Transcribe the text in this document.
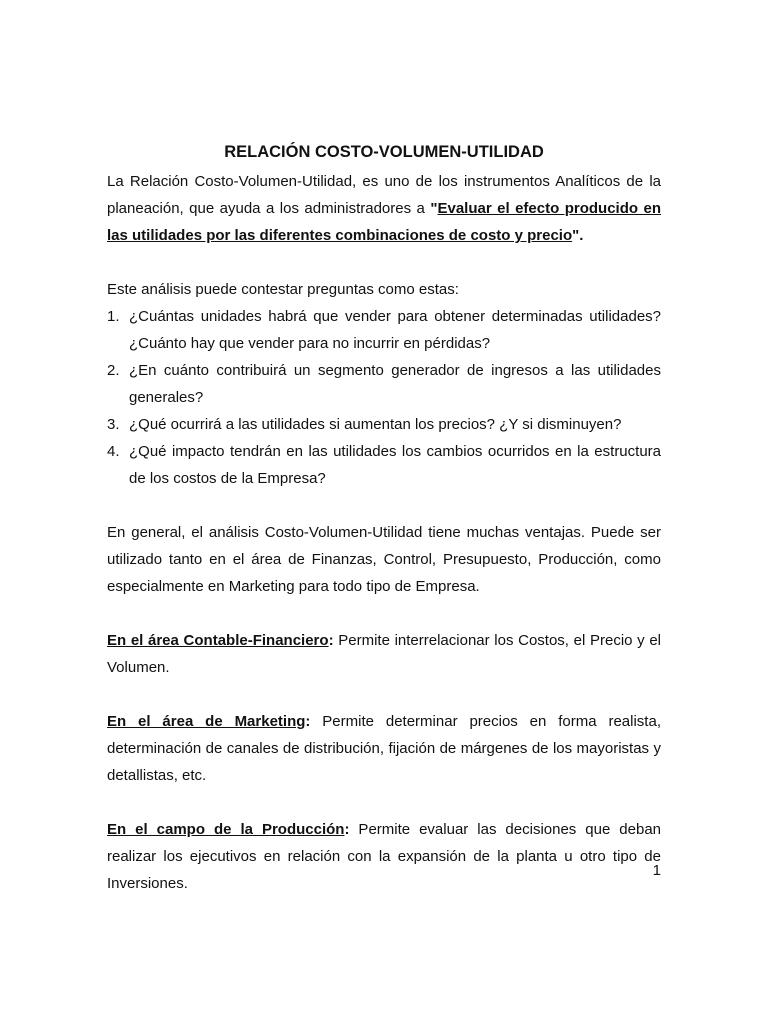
RELACIÓN COSTO-VOLUMEN-UTILIDAD

La Relación Costo-Volumen-Utilidad, es uno de los instrumentos Analíticos de la planeación, que ayuda a los administradores a "Evaluar el efecto producido en las utilidades por las diferentes combinaciones de costo y precio".

Este análisis puede contestar preguntas como estas:

1. ¿Cuántas unidades habrá que vender para obtener determinadas utilidades? ¿Cuánto hay que vender para no incurrir en pérdidas?
2. ¿En cuánto contribuirá un segmento generador de ingresos a las utilidades generales?
3. ¿Qué ocurrirá a las utilidades si aumentan los precios? ¿Y si disminuyen?
4. ¿Qué impacto tendrán en las utilidades los cambios ocurridos en la estructura de los costos de la Empresa?

En general, el análisis Costo-Volumen-Utilidad tiene muchas ventajas. Puede ser utilizado tanto en el área de Finanzas, Control, Presupuesto, Producción, como especialmente en Marketing para todo tipo de Empresa.

En el área Contable-Financiero: Permite interrelacionar los Costos, el Precio y el Volumen.

En el área de Marketing: Permite determinar precios en forma realista, determinación de canales de distribución, fijación de márgenes de los mayoristas y detallistas, etc.

En el campo de la Producción: Permite evaluar las decisiones que deban realizar los ejecutivos en relación con la expansión de la planta u otro tipo de Inversiones.

1
